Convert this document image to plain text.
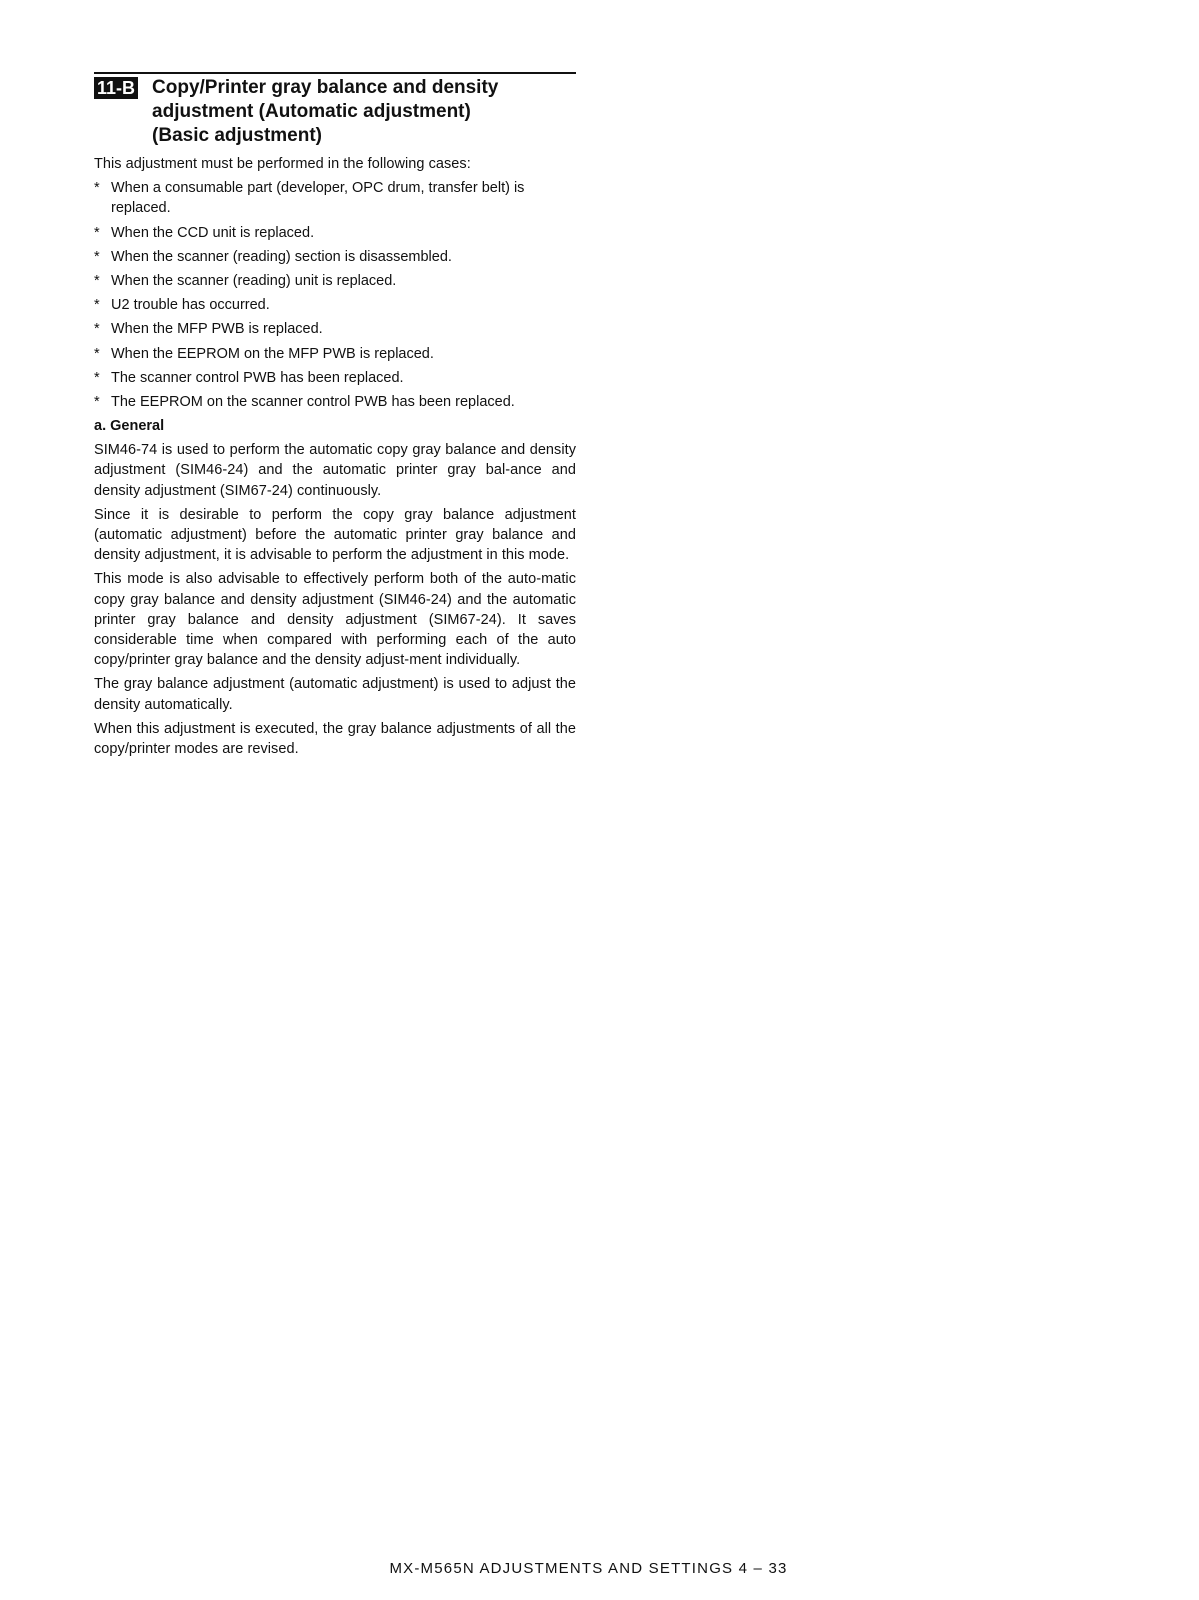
11-B Copy/Printer gray balance and density
adjustment (Automatic adjustment)
(Basic adjustment)

This adjustment must be performed in the following cases:

* When a consumable part (developer, OPC drum, transfer belt) is replaced.
* When the CCD unit is replaced.
* When the scanner (reading) section is disassembled.
* When the scanner (reading) unit is replaced.
* U2 trouble has occurred.
* When the MFP PWB is replaced.
* When the EEPROM on the MFP PWB is replaced.
* The scanner control PWB has been replaced.
* The EEPROM on the scanner control PWB has been replaced.
a. General

SIM46-74 is used to perform the automatic copy gray balance and density adjustment (SIM46-24) and the automatic printer gray bal-ance and density adjustment (SIM67-24) continuously.

Since it is desirable to perform the copy gray balance adjustment (automatic adjustment) before the automatic printer gray balance and density adjustment, it is advisable to perform the adjustment in this mode.

This mode is also advisable to effectively perform both of the auto-matic copy gray balance and density adjustment (SIM46-24) and the automatic printer gray balance and density adjustment (SIM67-24). It saves considerable time when compared with performing each of the auto copy/printer gray balance and the density adjust-ment individually.

The gray balance adjustment (automatic adjustment) is used to adjust the density automatically.

When this adjustment is executed, the gray balance adjustments of all the copy/printer modes are revised.

MX-M565N ADJUSTMENTS AND SETTINGS 4 – 33
